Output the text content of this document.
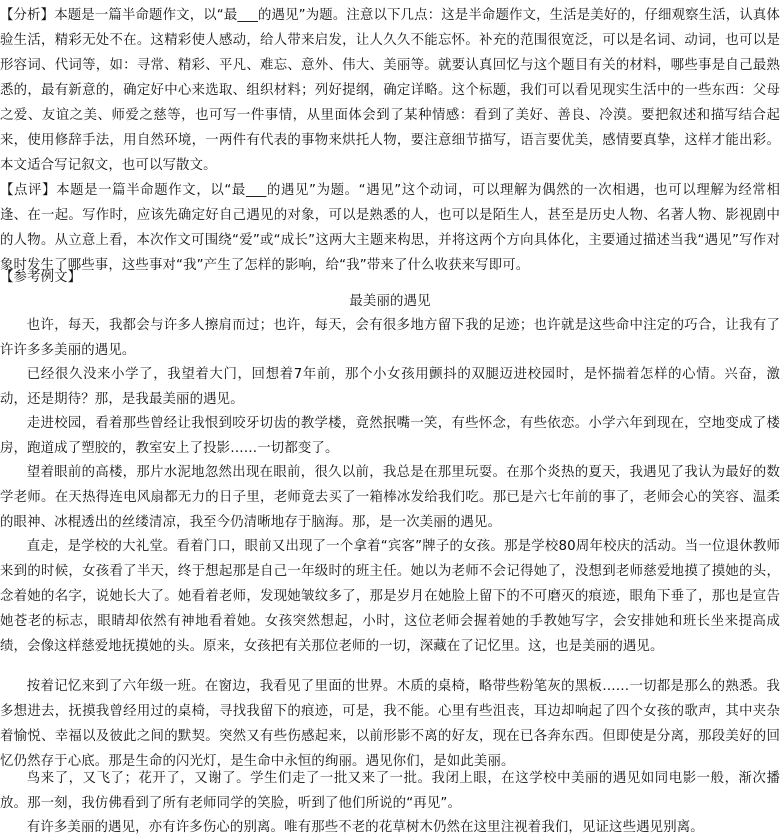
【分析】本题是一篇半命题作文，以“最___的遇见”为题。注意以下几点：这是半命题作文，生活是美好的，仔细观察生活，认真体验生活，精彩无处不在。这精彩使人感动，给人带来启发，让人久久不能忘怀。补充的范围很宽泛，可以是名词、动词，也可以是形容词、代词等，如：寻常、精彩、平凡、难忘、意外、伟大、美丽等。就要认真回忆与这个题目有关的材料，哪些事是自己最熟悉的，最有新意的，确定好中心来选取、组织材料；列好提纲，确定详略。这个标题，我们可以看见现实生活中的一些东西：父母之爱、友谊之美、师爱之慈等，也可写一件事情，从里面体会到了某种情感：看到了美好、善良、冷漠。要把叙述和描写结合起来，使用修辞手法，用自然环境，一两件有代表的事物来烘托人物，要注意细节描写，语言要优美，感情要真挚，这样才能出彩。本文适合写记叙文，也可以写散文。

【点评】本题是一篇半命题作文，以“最___的遇见”为题。“遇见”这个动词，可以理解为偶然的一次相遇，也可以理解为经常相逢、在一起。写作时，应该先确定好自己遇见的对象，可以是熟悉的人，也可以是陌生人，甚至是历史人物、名著人物、影视剧中的人物。从立意上看，本次作文可围绕“爱”或“成长”这两大主题来构思，并将这两个方向具体化，主要通过描述当我“遇见”写作对象时发生了哪些事，这些事对“我”产生了怎样的影响，给“我”带来了什么收获来写即可。

【参考例文】

最美丽的遇见

也许，每天，我都会与许多人擦肩而过；也许，每天，会有很多地方留下我的足迹；也许就是这些命中注定的巧合，让我有了许许多多美丽的遇见。

已经很久没来小学了，我望着大门，回想着7年前，那个小女孩用颤抖的双腿迈进校园时，是怀揣着怎样的心情。兴奋，激动，还是期待？那，是我最美丽的遇见。

走进校园，看着那些曾经让我恨到咬牙切齿的教学楼，竟然抿嘴一笑，有些怀念，有些依恋。小学六年到现在，空地变成了楼房，跑道成了塑胶的，教室安上了投影……一切都变了。

望着眼前的高楼，那片水泥地忽然出现在眼前，很久以前，我总是在那里玩耍。在那个炎热的夏天，我遇见了我认为最好的数学老师。在天热得连电风扇都无力的日子里，老师竟去买了一箱棒冰发给我们吃。那已是六七年前的事了，老师会心的笑容、温柔的眼神、冰棍透出的丝缕清凉，我至今仍清晰地存于脑海。那，是一次美丽的遇见。

直走，是学校的大礼堂。看着门口，眼前又出现了一个拿着“宾客”牌子的女孩。那是学校80周年校庆的活动。当一位退休教师来到的时候，女孩看了半天，终于想起那是自己一年级时的班主任。她以为老师不会记得她了，没想到老师慈爱地摸了摸她的头，念着她的名字，说她长大了。她看着老师，发现她皱纹多了，那是岁月在她脸上留下的不可磨灭的痕迹，眼角下垂了，那也是宣告她苍老的标志，眼睛却依然有神地看着她。女孩突然想起，小时，这位老师会握着她的手教她写字，会安排她和班长坐来提高成绩，会像这样慈爱地抚摸她的头。原来，女孩把有关那位老师的一切，深藏在了记忆里。这，也是美丽的遇见。

按着记忆来到了六年级一班。在窗边，我看见了里面的世界。木质的桌椅，略带些粉笔灰的黑板……一切都是那么的熟悉。我多想进去，抚摸我曾经用过的桌椅，寻找我留下的痕迹，可是，我不能。心里有些沮丧，耳边却响起了四个女孩的歌声，其中夹杂着愉悦、幸福以及彼此之间的默契。突然又有些伤感起来，以前形影不离的好友，现在已各奔东西。但即使是分离，那段美好的回忆仍然存于心底。那是生命的闪光灯，是生命中永恒的绚丽。遇见你们，是如此美丽。

鸟来了，又飞了；花开了，又谢了。学生们走了一批又来了一批。我闭上眼，在这学校中美丽的遇见如同电影一般，渐次播放。那一刻，我仿佛看到了所有老师同学的笑脸，听到了他们所说的“再见”。

有许多美丽的遇见，亦有许多伤心的别离。唯有那些不老的花草树木仍然在这里注视着我们，见证这些遇见别离。
